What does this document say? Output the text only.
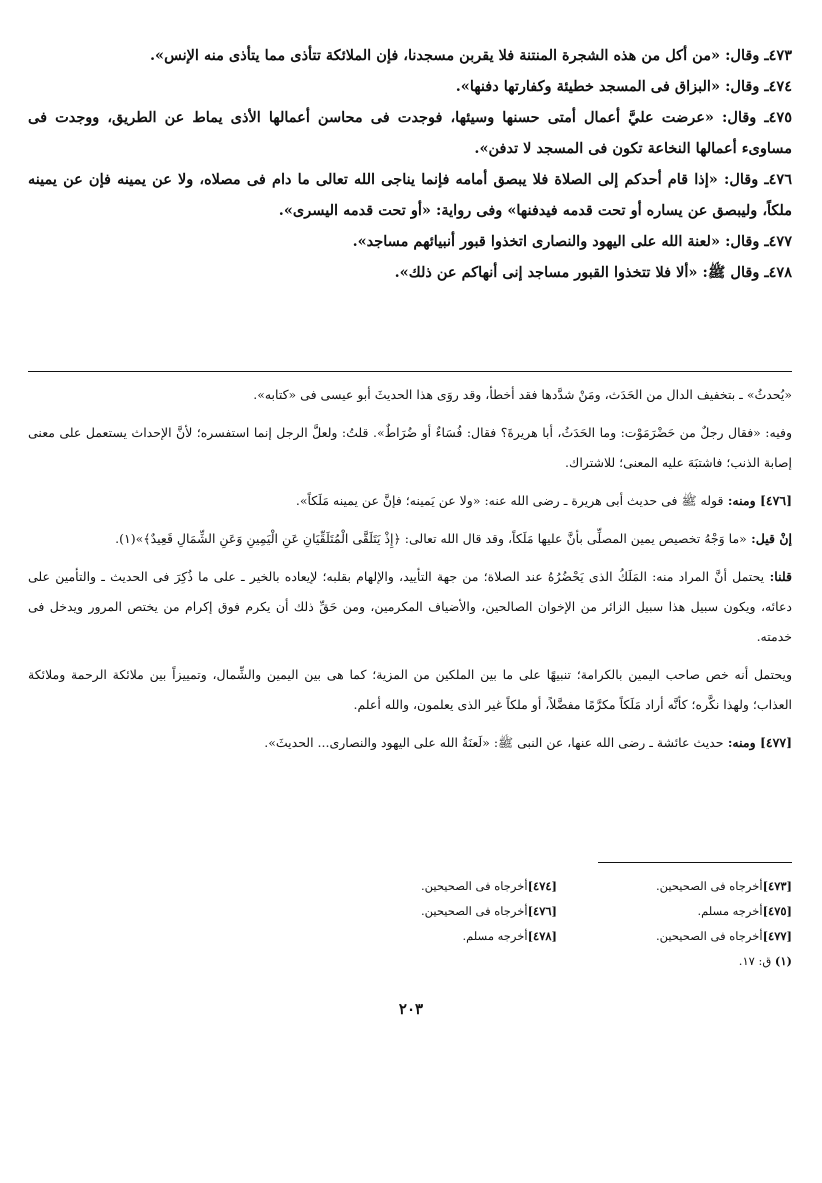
٤٧٣ـ وقال: «من أكل من هذه الشجرة المنتنة فلا يقربن مسجدنا، فإن الملائكة تتأذى مما يتأذى منه الإنس».

٤٧٤ـ وقال: «البزاق فى المسجد خطيئة وكفارتها دفنها».

٤٧٥ـ وقال: «عرضت عليَّ أعمال أمتى حسنها وسيئها، فوجدت فى محاسن أعمالها الأذى يماط عن الطريق، ووجدت فى مساوىء أعمالها النخاعة تكون فى المسجد لا تدفن».

٤٧٦ـ وقال: «إذا قام أحدكم إلى الصلاة فلا يبصق أمامه فإنما يناجى الله تعالى ما دام فى مصلاه، ولا عن يمينه فإن عن يمينه ملكاً، وليبصق عن يساره أو تحت قدمه فيدفنها» وفى رواية: «أو تحت قدمه اليسرى».

٤٧٧ـ وقال: «لعنة الله على اليهود والنصارى اتخذوا قبور أنبيائهم مساجد».

٤٧٨ـ وقال ﷺ: «ألا فلا تتخذوا القبور مساجد إنى أنهاكم عن ذلك».

«يُحدثُ» ـ بتخفيف الدال من الحَدَث، ومَنْ شدَّدها فقد أخطأ، وقد روَى هذا الحديثَ أبو عيسى فى «كتابه».

وفيه: «فقال رجلٌ من حَضْرَمَوْت: وما الحَدَثُ، أبا هريرةَ؟ فقال: فُسَاءٌ أو ضُرَاطٌ». قلتُ: ولعلَّ الرجل إنما استفسره؛ لأنَّ الإحداث يستعمل على معنى إصابة الذنب؛ فاشتبَهَ عليه المعنى؛ للاشتراك.

[٤٧٦] ومنه: قوله ﷺ فى حديث أبى هريرة ـ رضى الله عنه: «ولا عن يَمينه؛ فإنَّ عن يمينه مَلَكاً».

إنْ قيل: «ما وَجْهُ تخصيص يمين المصلِّى بأنَّ عليها مَلَكاً، وقد قال الله تعالى: ﴿إِذْ يَتَلَقَّى الْمُتَلَقِّيَانِ عَنِ الْيَمِينِ وَعَنِ الشِّمَالِ قَعِيدٌ﴾»(١).

قلنا: يحتمل أنَّ المراد منه: المَلَكُ الذى يَحْضُرُهُ عند الصلاة؛ من جهة التأييد، والإلهام بقلبه؛ لإيعاده بالخير ـ على ما ذُكِرَ فى الحديث ـ والتأمين على دعائه، ويكون سبيل هذا سبيل الزائر من الإخوان الصالحين، والأضياف المكرمين، ومن حَقِّ ذلك أن يكرم فوق إكرام من يختص المرور ويدخل فى خدمته.

ويحتمل أنه خص صاحب اليمين بالكرامة؛ تنبيهًا على ما بين الملكين من المزية؛ كما هى بين اليمين والشِّمال، وتمييزاً بين ملائكة الرحمة وملائكة العذاب؛ ولهذا نكَّره؛ كأنَّه أراد مَلَكاً مكرَّمًا مفضَّلاً، أو ملكاً غير الذى يعلمون، والله أعلم.

[٤٧٧] ومنه: حديث عائشة ـ رضى الله عنها، عن النبى ﷺ: «لَعنَةُ الله على اليهود والنصارى... الحديثَ».

[٤٧٣]أخرجاه فى الصحيحين.
[٤٧٤]أخرجاه فى الصحيحين.
[٤٧٥]أخرجه مسلم.
[٤٧٦]أخرجاه فى الصحيحين.
[٤٧٧]أخرجاه فى الصحيحين.
[٤٧٨]أخرجه مسلم.
(١) ق: ١٧.
٢٠٣
